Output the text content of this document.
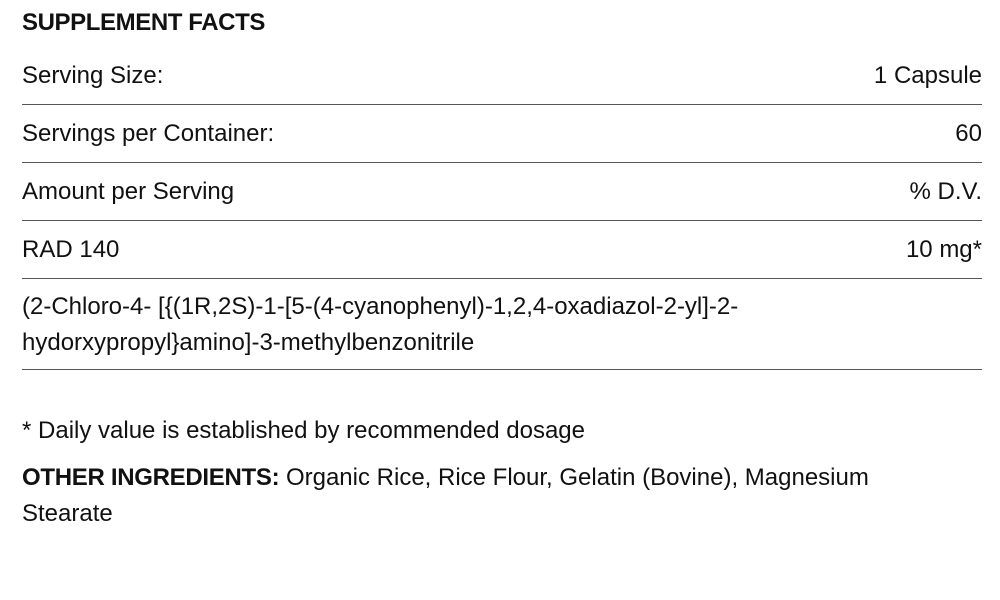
SUPPLEMENT FACTS
Serving Size:	1 Capsule
Servings per Container:	60
Amount per Serving	% D.V.
RAD 140	10 mg*
(2-Chloro-4- [{(1R,2S)-1-[5-(4-cyanophenyl)-1,2,4-oxadiazol-2-yl]-2-hydorxypropyl}amino]-3-methylbenzonitrile
* Daily value is established by recommended dosage
OTHER INGREDIENTS: Organic Rice, Rice Flour, Gelatin (Bovine), Magnesium Stearate
